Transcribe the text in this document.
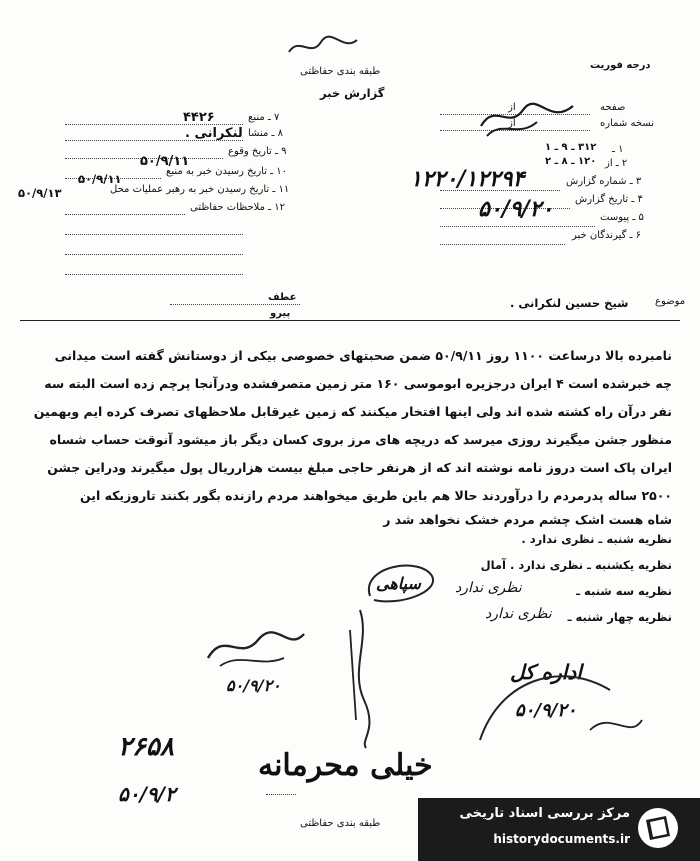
درجه فوریت
طبقه بندی حفاظتی
گزارش خبر
صفحه
نسخه شماره
از
از
۱ ـ
۳۱۲ ـ ۹ ـ ۱
۲ ـ از
۱۲۰ ـ ۸ ـ ۲
۳ ـ شماره گزارش
۴ ـ تاریخ گزارش
۵ ـ پیوست
۶ ـ گیرندگان خبر
۱۲۲۰/۱۲۲۹۴
۵۰/۹/۲۰
۷ ـ منبع
۴۴۲۶
۸ ـ منشا
لنکرانی .
۹ ـ تاریخ وقوع
۵۰/۹/۱۱
۱۰ ـ تاریخ رسیدن خبر به منبع
۵۰/۹/۱۱
۱۱ ـ تاریخ رسیدن خبر به رهبر عملیات محل
۵۰/۹/۱۳
۱۲ ـ ملاحظات حفاظتی
عطف
پیرو
موضوع
شیخ حسین لنکرانی .
نامبرده بالا درساعت ۱۱۰۰ روز ۵۰/۹/۱۱ ضمن صحبتهای خصوصی بیکی از دوستانش گفته است میدانی
چه خبرشده است ۴ ایران درجزیره ابوموسی ۱۶۰ متر زمین متصرفشده ودرآنجا پرچم زده است البته سه
نفر درآن راه کشته شده اند ولی اینها افتخار میکنند که زمین غیرقابل ملاحظهای تصرف کرده ایم وبهمین
منظور جشن میگیرند روزی میرسد که دریچه های مرز بروی کسان دیگر باز میشود آنوقت حساب شساه
ایران پاک است دروز نامه نوشته اند که از هرنفر حاجی مبلغ بیست هزارریال پول میگیرند ودراین جشن
۲۵۰۰ ساله پدرمردم را درآوردند حالا هم باین طریق میخواهند مردم رازنده بگور بکنند تاروزیکه این
شاه هست اشک چشم مردم خشک نخواهد شد ر
نظریه شنبه ـ نظری ندارد .
نظریه یکشنبه ـ نظری ندارد . آمال
نظریه سه شنبه ـ
نظری ندارد
سپاهی
نظریه چهار شنبه ـ
نظری ندارد
۵۰/۹/۲۰
اداره کل
۵۰/۹/۲۰
۲۶۵۸
۵۰/۹/۲
خیلی محرمانه
طبقه بندی حفاظتی
مرکز بررسی اسناد تاریخی
historydocuments.ir
